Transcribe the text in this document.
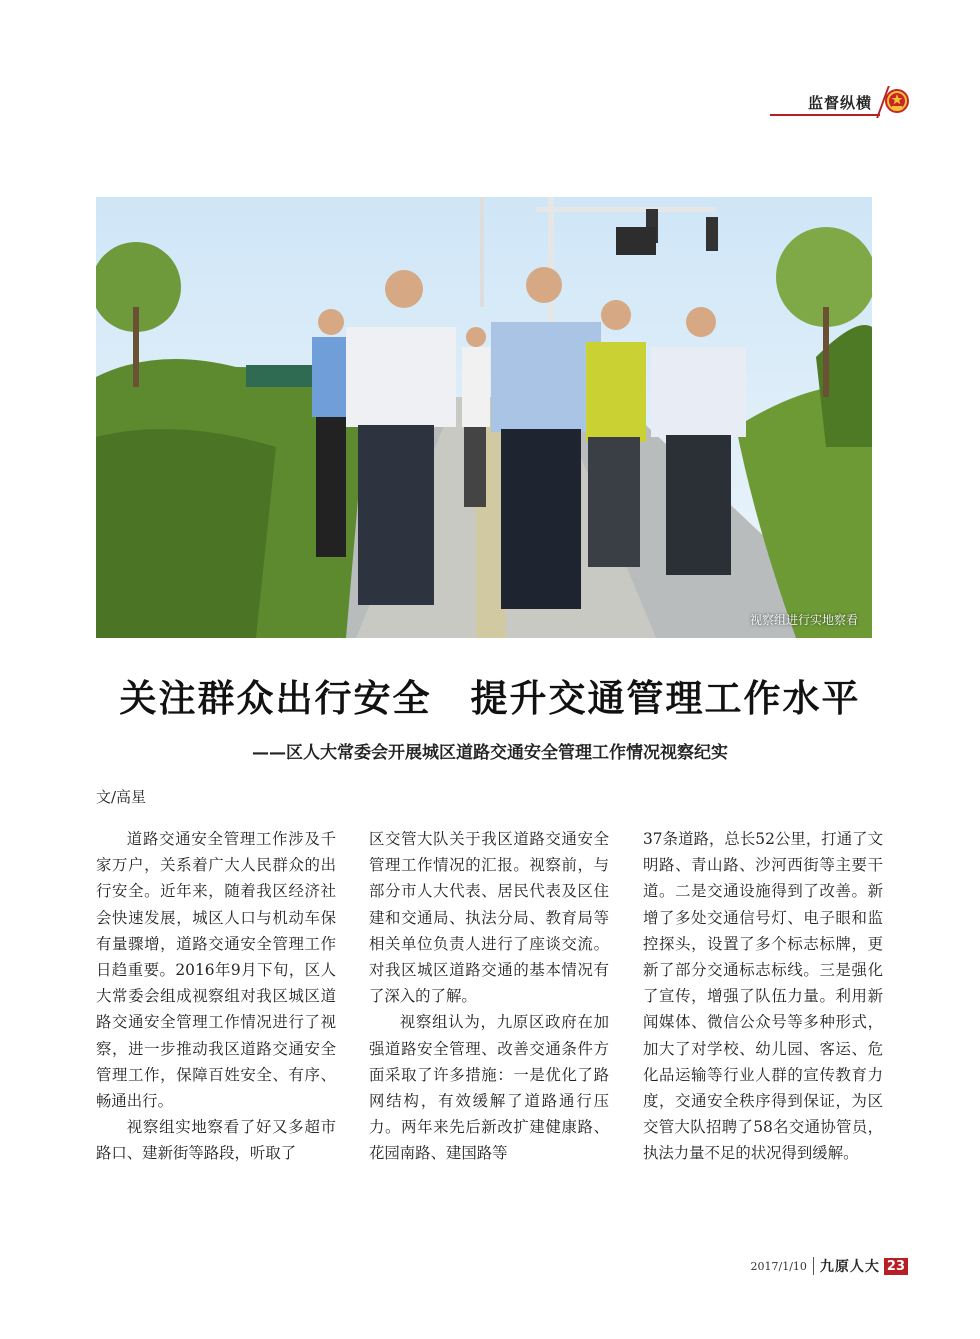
监督纵横
视察组进行实地察看
关注群众出行安全　提升交通管理工作水平
——区人大常委会开展城区道路交通安全管理工作情况视察纪实
文/高星

道路交通安全管理工作涉及千家万户，关系着广大人民群众的出行安全。近年来，随着我区经济社会快速发展，城区人口与机动车保有量骤增，道路交通安全管理工作日趋重要。2016年9月下旬，区人大常委会组成视察组对我区城区道路交通安全管理工作情况进行了视察，进一步推动我区道路交通安全管理工作，保障百姓安全、有序、畅通出行。

视察组实地察看了好又多超市路口、建新街等路段，听取了

区交管大队关于我区道路交通安全管理工作情况的汇报。视察前，与部分市人大代表、居民代表及区住建和交通局、执法分局、教育局等相关单位负责人进行了座谈交流。对我区城区道路交通的基本情况有了深入的了解。

视察组认为，九原区政府在加强道路安全管理、改善交通条件方面采取了许多措施：一是优化了路网结构，有效缓解了道路通行压力。两年来先后新改扩建健康路、花园南路、建国路等

37条道路，总长52公里，打通了文明路、青山路、沙河西街等主要干道。二是交通设施得到了改善。新增了多处交通信号灯、电子眼和监控探头，设置了多个标志标牌，更新了部分交通标志标线。三是强化了宣传，增强了队伍力量。利用新闻媒体、微信公众号等多种形式，加大了对学校、幼儿园、客运、危化品运输等行业人群的宣传教育力度，交通安全秩序得到保证，为区交管大队招聘了58名交通协管员，执法力量不足的状况得到缓解。

2017/1/10 九原人大 23
